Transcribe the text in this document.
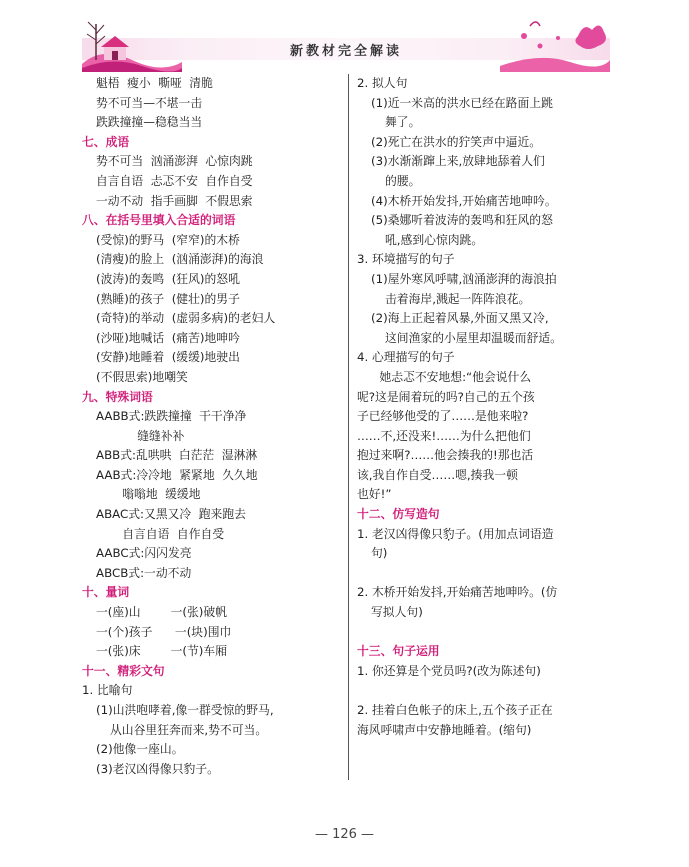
新教材完全解读
魁梧  瘦小  嘶哑  清脆
势不可当—不堪一击
跌跌撞撞—稳稳当当
七、成语
势不可当  汹涌澎湃  心惊肉跳
自言自语  忐忑不安  自作自受
一动不动  指手画脚  不假思索
八、在括号里填入合适的词语
(受惊)的野马  (窄窄)的木桥
(清瘦)的脸上  (汹涌澎湃)的海浪
(波涛)的轰鸣  (狂风)的怒吼
(熟睡)的孩子  (健壮)的男子
(奇特)的举动  (虚弱多病)的老妇人
(沙哑)地喊话  (痛苦)地呻吟
(安静)地睡着  (缓缓)地驶出
(不假思索)地嘲笑
九、特殊词语
AABB式:跌跌撞撞  干干净净
缝缝补补
ABB式:乱哄哄  白茫茫  湿淋淋
AAB式:冷冷地  紧紧地  久久地
嗡嗡地  缓缓地
ABAC式:又黑又冷  跑来跑去
自言自语  自作自受
AABC式:闪闪发亮
ABCB式:一动不动
十、量词
一(座)山        一(张)破帆
一(个)孩子      一(块)围巾
一(张)床        一(节)车厢
十一、精彩文句
1. 比喻句
(1)山洪咆哮着,像一群受惊的野马,
从山谷里狂奔而来,势不可当。
(2)他像一座山。
(3)老汉凶得像只豹子。
2. 拟人句
(1)近一米高的洪水已经在路面上跳
舞了。
(2)死亡在洪水的狞笑声中逼近。
(3)水渐渐蹿上来,放肆地舔着人们
的腰。
(4)木桥开始发抖,开始痛苦地呻吟。
(5)桑娜听着波涛的轰鸣和狂风的怒
吼,感到心惊肉跳。
3. 环境描写的句子
(1)屋外寒风呼啸,汹涌澎湃的海浪拍
击着海岸,溅起一阵阵浪花。
(2)海上正起着风暴,外面又黑又冷,
这间渔家的小屋里却温暖而舒适。
4. 心理描写的句子
她忐忑不安地想:“他会说什么
呢?这是闹着玩的吗?自己的五个孩
子已经够他受的了……是他来啦?
……不,还没来!……为什么把他们
抱过来啊?……他会揍我的!那也活
该,我自作自受……嗯,揍我一顿
也好!”
十二、仿写造句
1. 老汉凶得像只豹子。(用加点词语造
句)
2. 木桥开始发抖,开始痛苦地呻吟。(仿
写拟人句)
十三、句子运用
1. 你还算是个党员吗?(改为陈述句)
2. 挂着白色帐子的床上,五个孩子正在
海风呼啸声中安静地睡着。(缩句)
— 126 —
